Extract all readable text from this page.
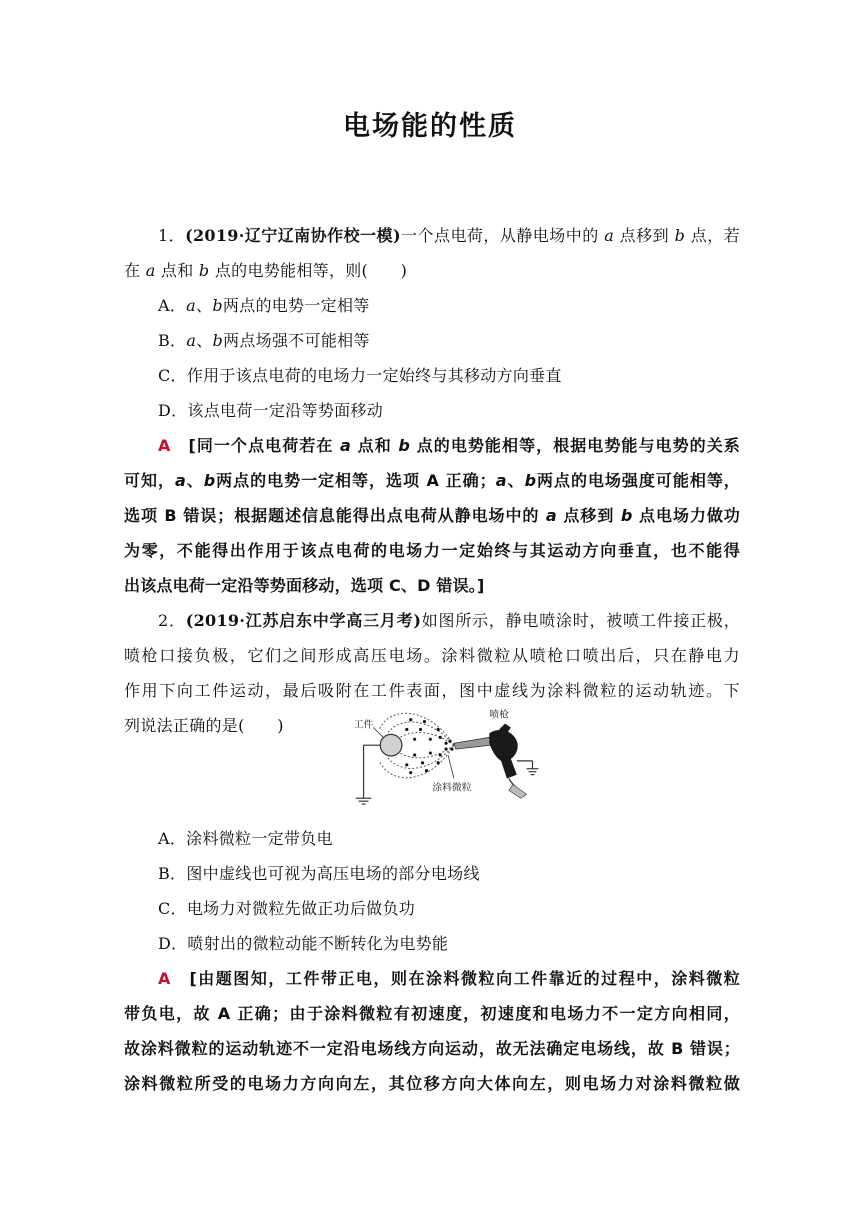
电场能的性质
1．(2019·辽宁辽南协作校一模)一个点电荷，从静电场中的 a 点移到 b 点，若
在 a 点和 b 点的电势能相等，则(　　)
A．a、b两点的电势一定相等
B．a、b两点场强不可能相等
C．作用于该点电荷的电场力一定始终与其移动方向垂直
D．该点电荷一定沿等势面移动
A　 [同一个点电荷若在 a 点和 b 点的电势能相等，根据电势能与电势的关系
可知，a、b两点的电势一定相等，选项 A 正确；a、b两点的电场强度可能相等，
选项 B 错误；根据题述信息能得出点电荷从静电场中的 a 点移到 b 点电场力做功
为零，不能得出作用于该点电荷的电场力一定始终与其运动方向垂直，也不能得
出该点电荷一定沿等势面移动，选项 C、D 错误。]
2．(2019·江苏启东中学高三月考)如图所示，静电喷涂时，被喷工件接正极，
喷枪口接负极，它们之间形成高压电场。涂料微粒从喷枪口喷出后，只在静电力
作用下向工件运动，最后吸附在工件表面，图中虚线为涂料微粒的运动轨迹。下
列说法正确的是(　　)	工件
喷枪
涂料微粒
A．涂料微粒一定带负电
B．图中虚线也可视为高压电场的部分电场线
C．电场力对微粒先做正功后做负功
D．喷射出的微粒动能不断转化为电势能
A　 [由题图知，工件带正电，则在涂料微粒向工件靠近的过程中，涂料微粒
带负电，故 A 正确；由于涂料微粒有初速度，初速度和电场力不一定方向相同，
故涂料微粒的运动轨迹不一定沿电场线方向运动，故无法确定电场线，故 B 错误；
涂料微粒所受的电场力方向向左，其位移方向大体向左，则电场力对涂料微粒做
